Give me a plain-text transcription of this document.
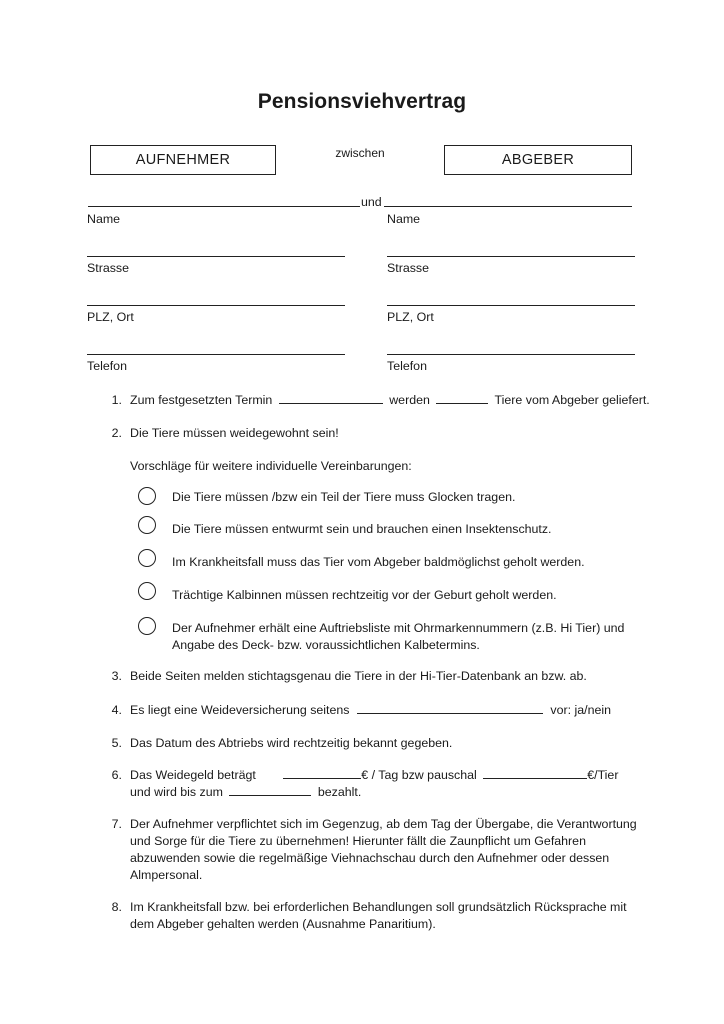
Pensionsviehvertrag
AUFNEHMER	zwischen	ABGEBER
und
Name	Name
Strasse	Strasse
PLZ, Ort	PLZ, Ort
Telefon	Telefon
1. Zum festgesetzten Termin	werden	Tiere vom Abgeber geliefert.
2. Die Tiere müssen weidegewohnt sein!
Vorschläge für weitere individuelle Vereinbarungen:
Die Tiere müssen /bzw ein Teil der Tiere muss Glocken tragen.
Die Tiere müssen entwurmt sein und brauchen einen Insektenschutz.
Im Krankheitsfall muss das Tier vom Abgeber baldmöglichst geholt werden.
Trächtige Kalbinnen müssen rechtzeitig vor der Geburt geholt werden.
Der Aufnehmer erhält eine Auftriebsliste mit Ohrmarkennummern (z.B. Hi Tier) und
Angabe des Deck- bzw. voraussichtlichen Kalbetermins.
3. Beide Seiten melden stichtagsgenau die Tiere in der Hi-Tier-Datenbank an bzw. ab.
4. Es liegt eine Weideversicherung seitens	vor: ja/nein
5. Das Datum des Abtriebs wird rechtzeitig bekannt gegeben.
6. Das Weidegeld beträgt	€ / Tag bzw pauschal	€/Tier
und wird bis zum	bezahlt.
7. Der Aufnehmer verpflichtet sich im Gegenzug, ab dem Tag der Übergabe, die Verantwortung
und Sorge für die Tiere zu übernehmen! Hierunter fällt die Zaunpflicht um Gefahren
abzuwenden sowie die regelmäßige Viehnachschau durch den Aufnehmer oder dessen
Almpersonal.
8. Im Krankheitsfall bzw. bei erforderlichen Behandlungen soll grundsätzlich Rücksprache mit
dem Abgeber gehalten werden (Ausnahme Panaritium).
